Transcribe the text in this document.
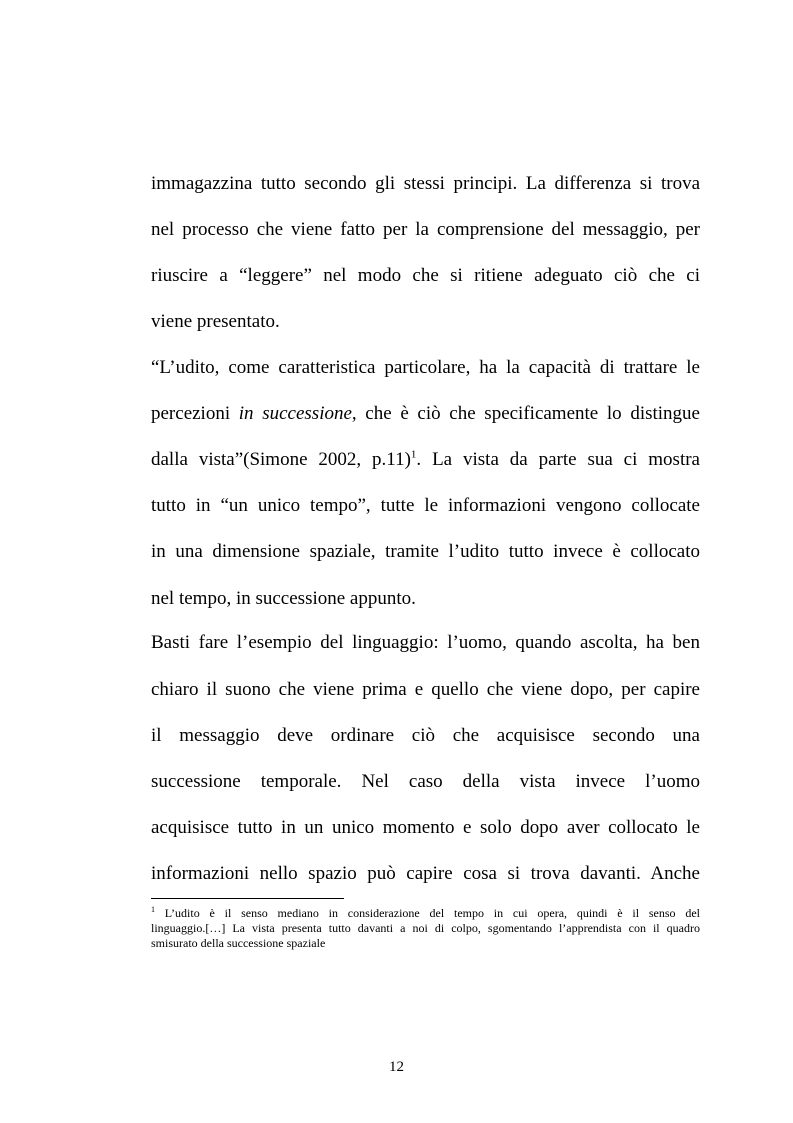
immagazzina tutto secondo gli stessi principi. La differenza si trova
nel processo che viene fatto per la comprensione del messaggio, per
riuscire a “leggere” nel modo che si ritiene adeguato ciò che ci
viene presentato.
“L’udito, come caratteristica particolare, ha la capacità di trattare le
percezioni in successione, che è ciò che specificamente lo distingue
dalla vista”(Simone 2002, p.11)$^1$. La vista da parte sua ci mostra
tutto in “un unico tempo”, tutte le informazioni vengono collocate
in una dimensione spaziale, tramite l’udito tutto invece è collocato
nel tempo, in successione appunto.
Basti fare l’esempio del linguaggio: l’uomo, quando ascolta, ha ben
chiaro il suono che viene prima e quello che viene dopo, per capire
il messaggio deve ordinare ciò che acquisisce secondo una
successione temporale. Nel caso della vista invece l’uomo
acquisisce tutto in un unico momento e solo dopo aver collocato le
informazioni nello spazio può capire cosa si trova davanti. Anche
$^1$ L’udito è il senso mediano in considerazione del tempo in cui opera, quindi è il senso del
linguaggio.[…] La vista presenta tutto davanti a noi di colpo, sgomentando l’apprendista con il quadro
smisurato della successione spaziale
12
